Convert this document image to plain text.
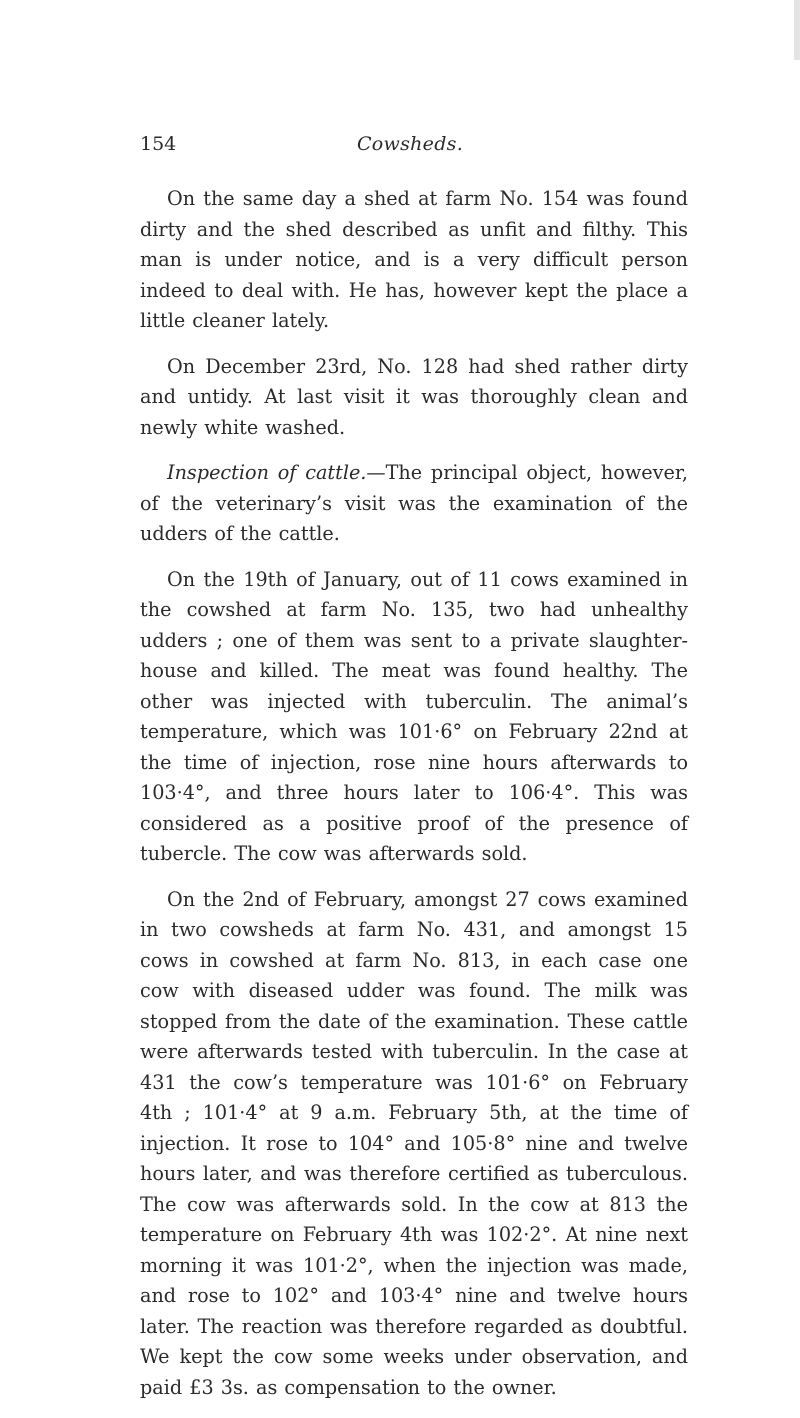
154	Cowsheds.

On the same day a shed at farm No. 154 was found dirty and the shed described as unfit and filthy. This man is under notice, and is a very difficult person indeed to deal with. He has, however kept the place a little cleaner lately.

On December 23rd, No. 128 had shed rather dirty and untidy. At last visit it was thoroughly clean and newly white washed.

Inspection of cattle.—The principal object, however, of the veterinary’s visit was the examination of the udders of the cattle.

On the 19th of January, out of 11 cows examined in the cowshed at farm No. 135, two had unhealthy udders ; one of them was sent to a private slaughter-house and killed. The meat was found healthy. The other was injected with tuberculin. The animal’s temperature, which was 101·6° on February 22nd at the time of injection, rose nine hours afterwards to 103·4°, and three hours later to 106·4°. This was considered as a positive proof of the presence of tubercle. The cow was afterwards sold.

On the 2nd of February, amongst 27 cows examined in two cowsheds at farm No. 431, and amongst 15 cows in cowshed at farm No. 813, in each case one cow with diseased udder was found. The milk was stopped from the date of the examination. These cattle were afterwards tested with tuberculin. In the case at 431 the cow’s temperature was 101·6° on February 4th ; 101·4° at 9 a.m. February 5th, at the time of injection. It rose to 104° and 105·8° nine and twelve hours later, and was therefore certified as tuberculous. The cow was afterwards sold. In the cow at 813 the temperature on February 4th was 102·2°. At nine next morning it was 101·2°, when the injection was made, and rose to 102° and 103·4° nine and twelve hours later. The reaction was therefore regarded as doubtful. We kept the cow some weeks under observation, and paid £3 3s. as compensation to the owner.
